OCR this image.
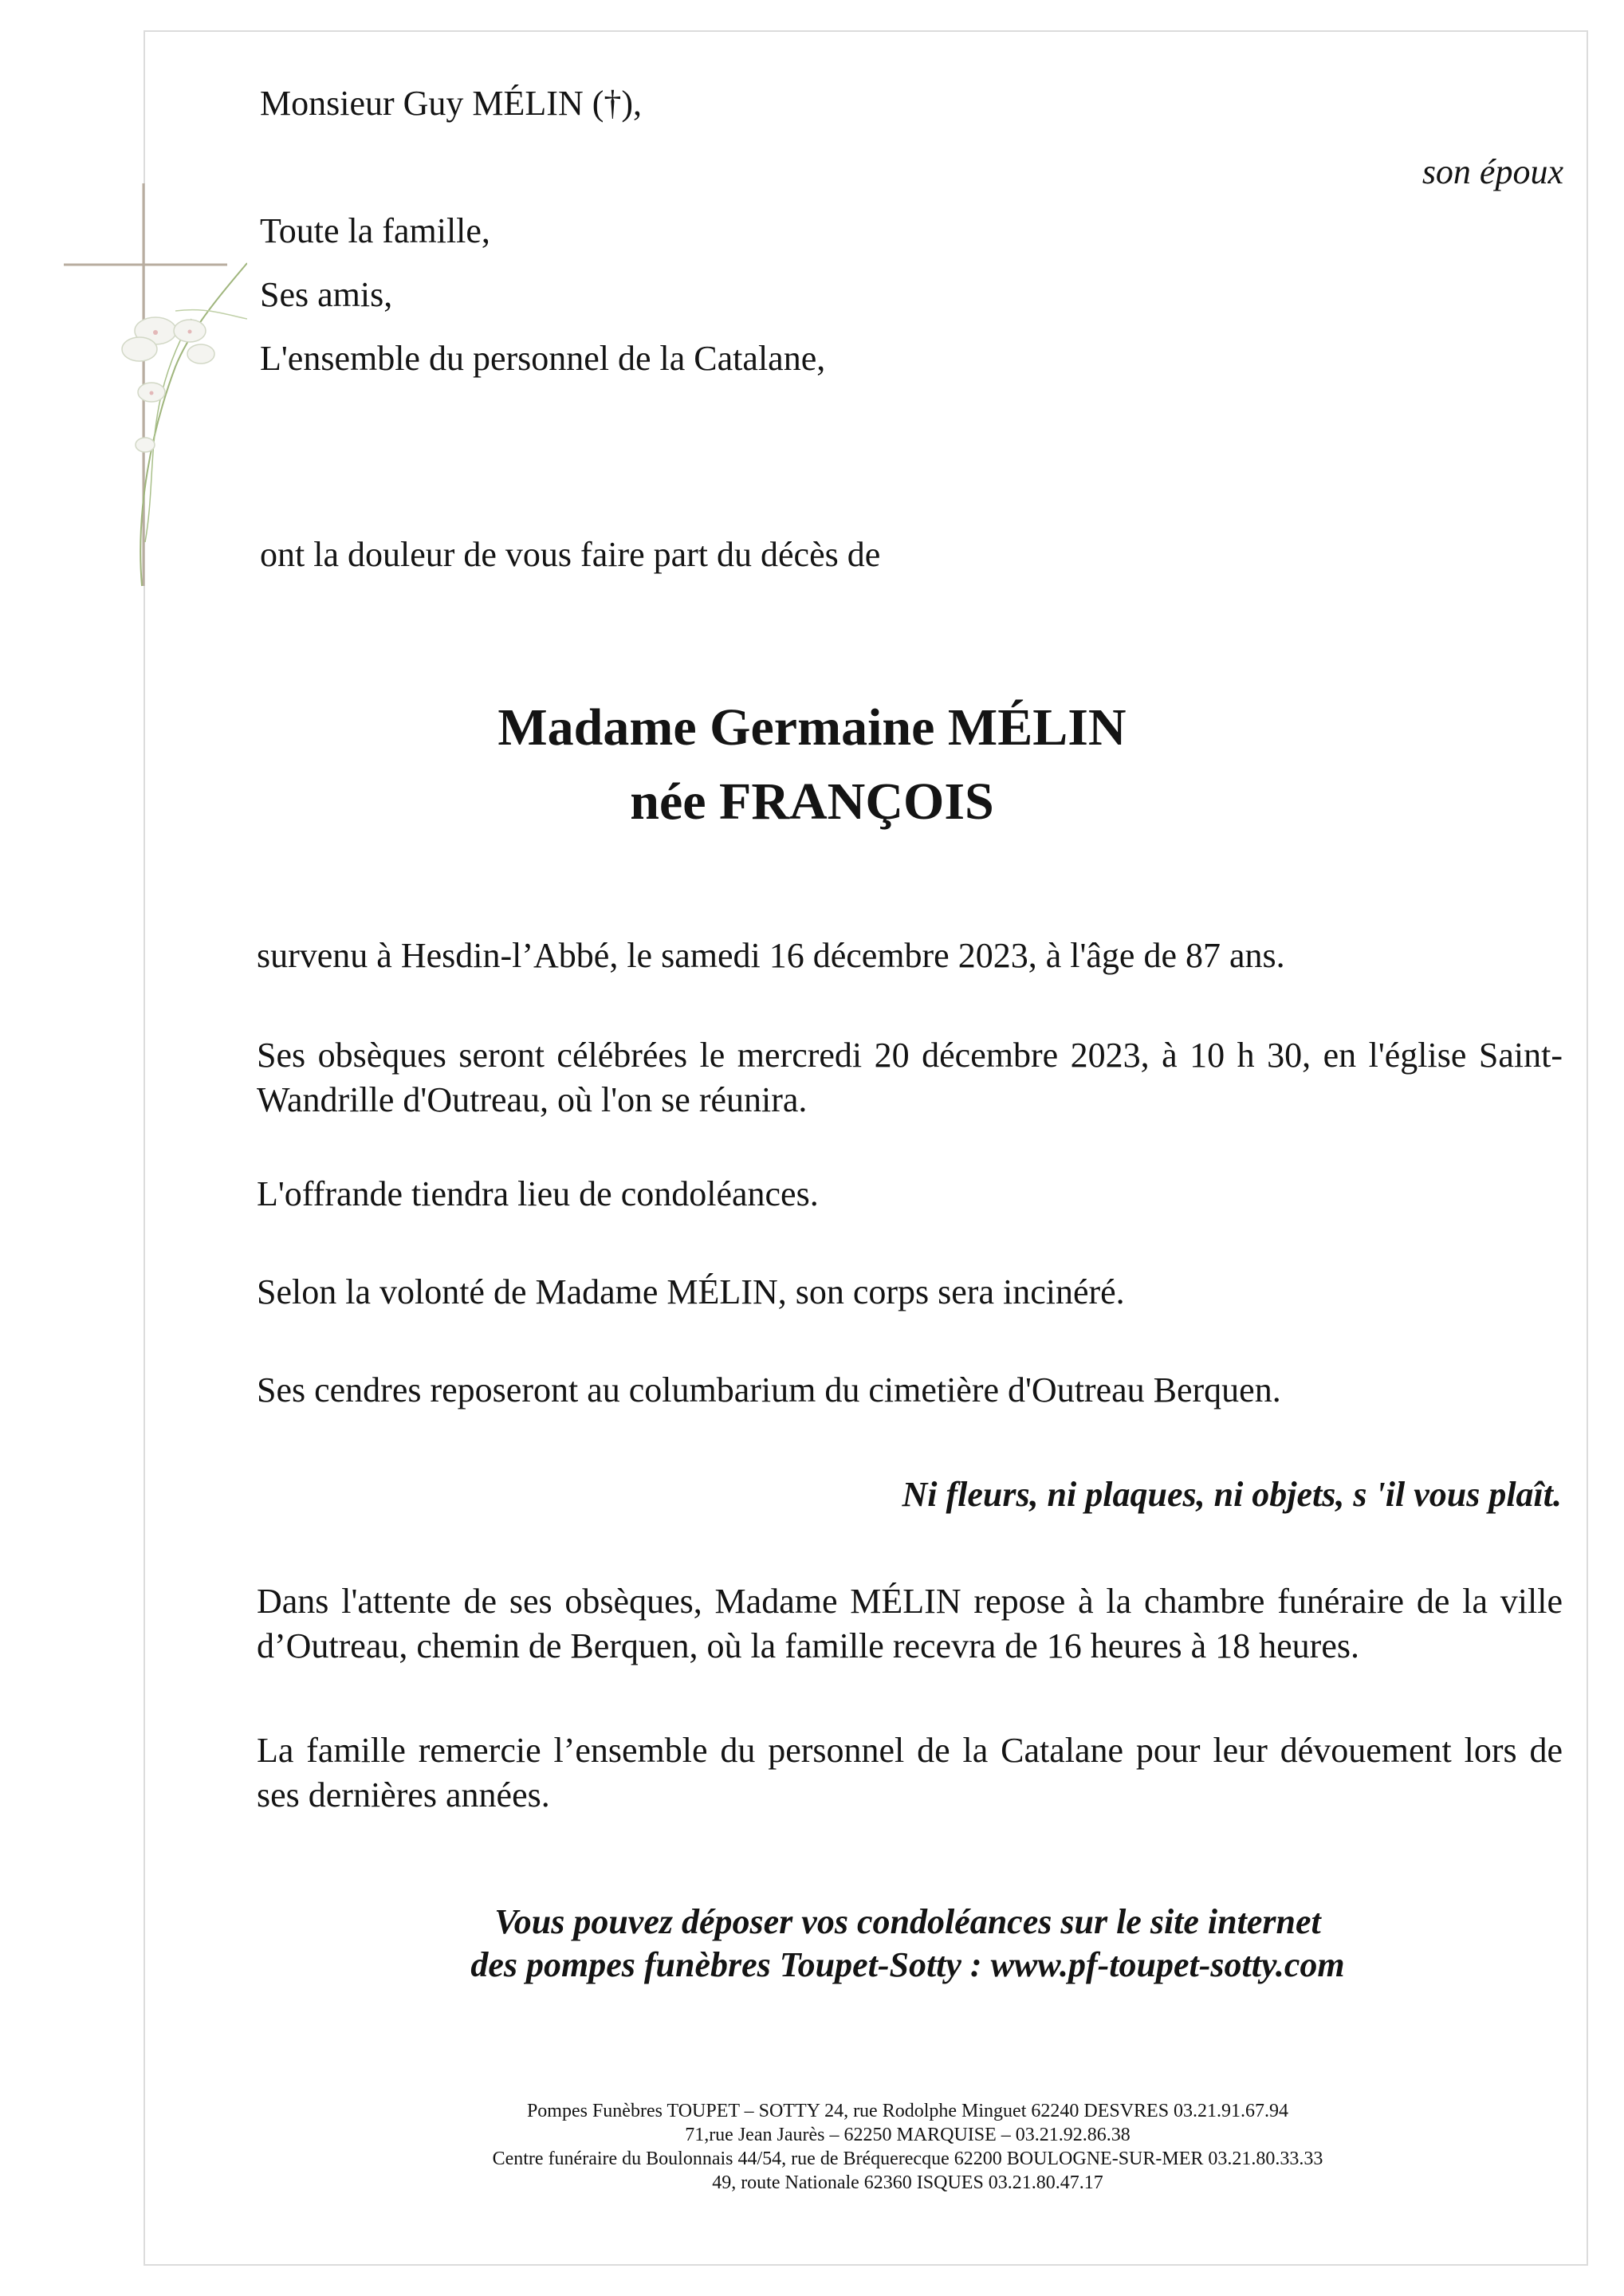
Monsieur Guy MÉLIN (†),
son époux
Toute la famille,
Ses amis,
L'ensemble du personnel de la Catalane,
ont la douleur de vous faire part du décès de
Madame Germaine MÉLIN
née FRANÇOIS
survenu à Hesdin-l’Abbé, le samedi 16 décembre 2023, à l'âge de 87 ans.
Ses obsèques seront célébrées le mercredi 20 décembre 2023, à 10 h 30, en l'église Saint-Wandrille d'Outreau, où l'on se réunira.
L'offrande tiendra lieu de condoléances.
Selon la volonté de Madame MÉLIN, son corps sera incinéré.
Ses cendres reposeront au columbarium du cimetière d'Outreau Berquen.
Ni fleurs, ni plaques, ni objets, s 'il vous plaît.
Dans l'attente de ses obsèques, Madame MÉLIN repose à la chambre funéraire de la ville d’Outreau, chemin de Berquen, où la famille recevra de 16 heures à 18 heures.
La famille remercie l’ensemble du personnel de la Catalane pour leur dévouement lors de ses dernières années.
Vous pouvez déposer vos condoléances sur le site internet
des pompes funèbres Toupet-Sotty : www.pf-toupet-sotty.com
Pompes Funèbres TOUPET – SOTTY 24, rue Rodolphe Minguet 62240 DESVRES 03.21.91.67.94
71,rue Jean Jaurès – 62250 MARQUISE – 03.21.92.86.38
Centre funéraire du Boulonnais 44/54, rue de Bréquerecque 62200 BOULOGNE-SUR-MER 03.21.80.33.33
49, route Nationale 62360 ISQUES 03.21.80.47.17
